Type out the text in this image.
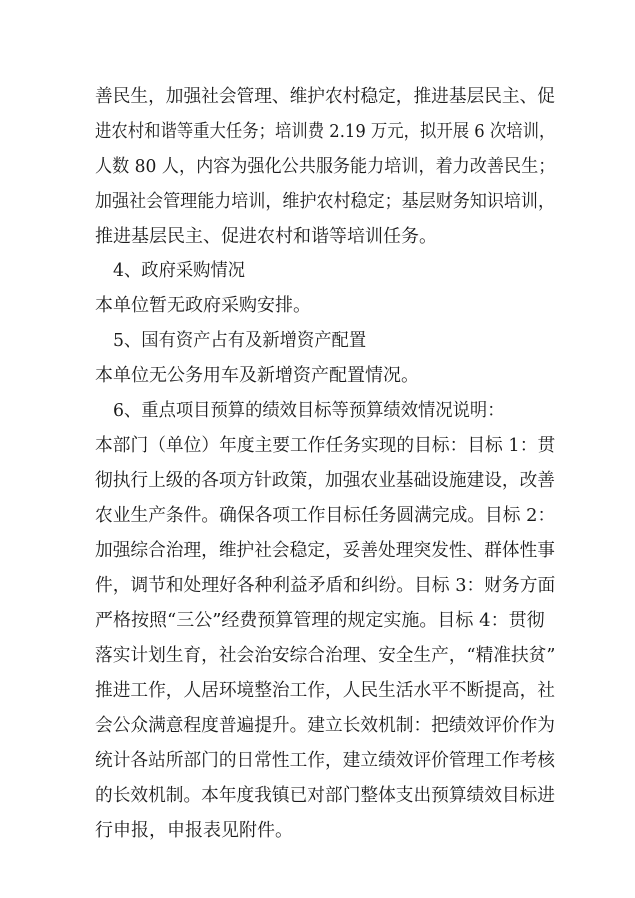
善民生，加强社会管理、维护农村稳定，推进基层民主、促
进农村和谐等重大任务；培训费 2.19 万元，拟开展 6 次培训，
人数 80 人，内容为强化公共服务能力培训，着力改善民生；
加强社会管理能力培训，维护农村稳定；基层财务知识培训，
推进基层民主、促进农村和谐等培训任务。
4、政府采购情况
本单位暂无政府采购安排。
5、国有资产占有及新增资产配置
本单位无公务用车及新增资产配置情况。
6、重点项目预算的绩效目标等预算绩效情况说明：
本部门（单位）年度主要工作任务实现的目标：目标 1：贯
彻执行上级的各项方针政策，加强农业基础设施建设，改善
农业生产条件。确保各项工作目标任务圆满完成。目标 2：
加强综合治理，维护社会稳定，妥善处理突发性、群体性事
件，调节和处理好各种利益矛盾和纠纷。目标 3：财务方面
严格按照“三公”经费预算管理的规定实施。目标 4：贯彻
落实计划生育，社会治安综合治理、安全生产，“精准扶贫”
推进工作，人居环境整治工作，人民生活水平不断提高，社
会公众满意程度普遍提升。建立长效机制：把绩效评价作为
统计各站所部门的日常性工作，建立绩效评价管理工作考核
的长效机制。本年度我镇已对部门整体支出预算绩效目标进
行申报，申报表见附件。
